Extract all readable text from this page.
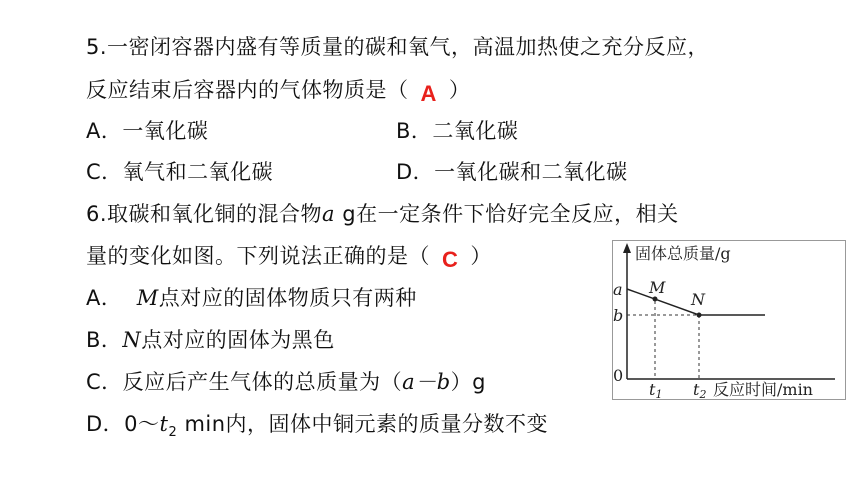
5.一密闭容器内盛有等质量的碳和氧气，高温加热使之充分反应，
反应结束后容器内的气体物质是（ A ）
A．一氧化碳	B．二氧化碳
C．氧气和二氧化碳	D．一氧化碳和二氧化碳
6.取碳和氧化铜的混合物a g在一定条件下恰好完全反应，相关
量的变化如图。下列说法正确的是（ C ）
A． M点对应的固体物质只有两种
B．N点对应的固体为黑色
C．反应后产生气体的总质量为（a－b）g
D．$0\sim t_2$ min内，固体中铜元素的质量分数不变
固体总质量/g
a
b
M
N
0
t1 t2 反应时间/min
